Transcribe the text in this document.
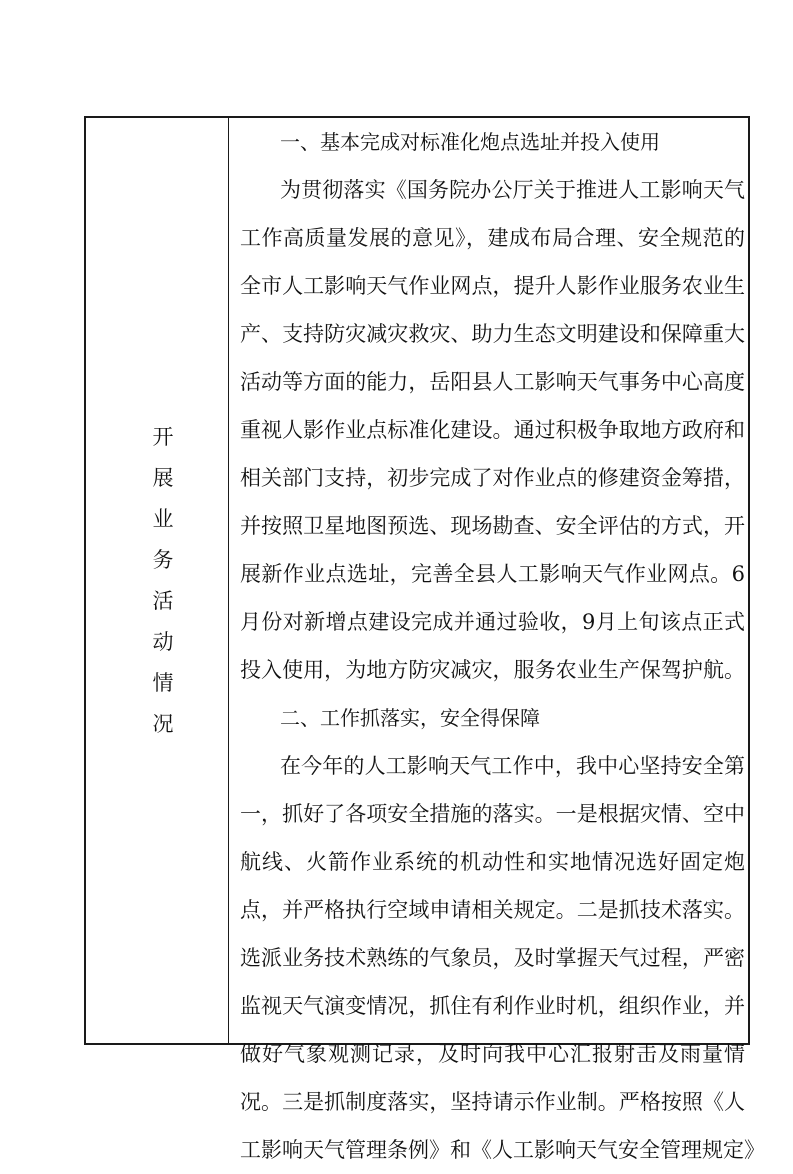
开
展
业
务
活
动
情
况
一、基本完成对标准化炮点选址并投入使用
为贯彻落实《国务院办公厅关于推进人工影响天气
工作高质量发展的意见》，建成布局合理、安全规范的
全市人工影响天气作业网点，提升人影作业服务农业生
产、支持防灾减灾救灾、助力生态文明建设和保障重大
活动等方面的能力，岳阳县人工影响天气事务中心高度
重视人影作业点标准化建设。通过积极争取地方政府和
相关部门支持，初步完成了对作业点的修建资金筹措，
并按照卫星地图预选、现场勘查、安全评估的方式，开
展新作业点选址，完善全县人工影响天气作业网点。6
月份对新增点建设完成并通过验收，9月上旬该点正式
投入使用，为地方防灾减灾，服务农业生产保驾护航。
二、工作抓落实，安全得保障
在今年的人工影响天气工作中，我中心坚持安全第
一，抓好了各项安全措施的落实。一是根据灾情、空中
航线、火箭作业系统的机动性和实地情况选好固定炮
点，并严格执行空域申请相关规定。二是抓技术落实。
选派业务技术熟练的气象员，及时掌握天气过程，严密
监视天气演变情况，抓住有利作业时机，组织作业，并
做好气象观测记录，及时向我中心汇报射击及雨量情
况。三是抓制度落实，坚持请示作业制。严格按照《人
工影响天气管理条例》和《人工影响天气安全管理规定》
